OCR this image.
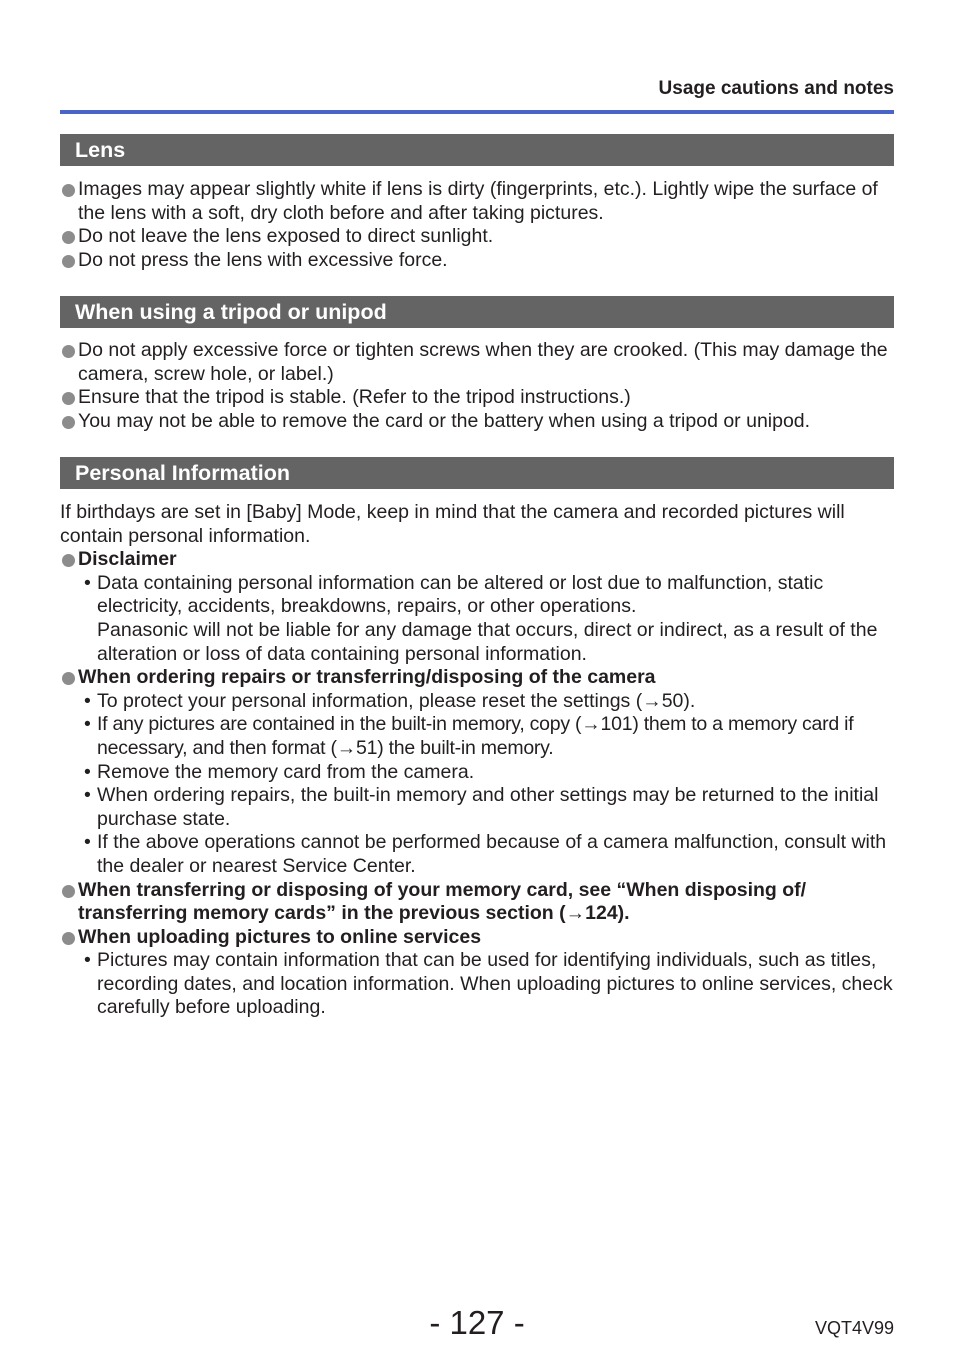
Usage cautions and notes
Lens
Images may appear slightly white if lens is dirty (fingerprints, etc.). Lightly wipe the surface of the lens with a soft, dry cloth before and after taking pictures.
Do not leave the lens exposed to direct sunlight.
Do not press the lens with excessive force.
When using a tripod or unipod
Do not apply excessive force or tighten screws when they are crooked. (This may damage the camera, screw hole, or label.)
Ensure that the tripod is stable. (Refer to the tripod instructions.)
You may not be able to remove the card or the battery when using a tripod or unipod.
Personal Information
If birthdays are set in [Baby] Mode, keep in mind that the camera and recorded pictures will contain personal information.
Disclaimer
• Data containing personal information can be altered or lost due to malfunction, static electricity, accidents, breakdowns, repairs, or other operations.
Panasonic will not be liable for any damage that occurs, direct or indirect, as a result of the alteration or loss of data containing personal information.
When ordering repairs or transferring/disposing of the camera
• To protect your personal information, please reset the settings (→50).
• If any pictures are contained in the built-in memory, copy (→101) them to a memory card if necessary, and then format (→51) the built-in memory.
• Remove the memory card from the camera.
• When ordering repairs, the built-in memory and other settings may be returned to the initial purchase state.
• If the above operations cannot be performed because of a camera malfunction, consult with the dealer or nearest Service Center.
When transferring or disposing of your memory card, see “When disposing of/ transferring memory cards” in the previous section (→124).
When uploading pictures to online services
• Pictures may contain information that can be used for identifying individuals, such as titles, recording dates, and location information. When uploading pictures to online services, check carefully before uploading.
- 127 -	VQT4V99
